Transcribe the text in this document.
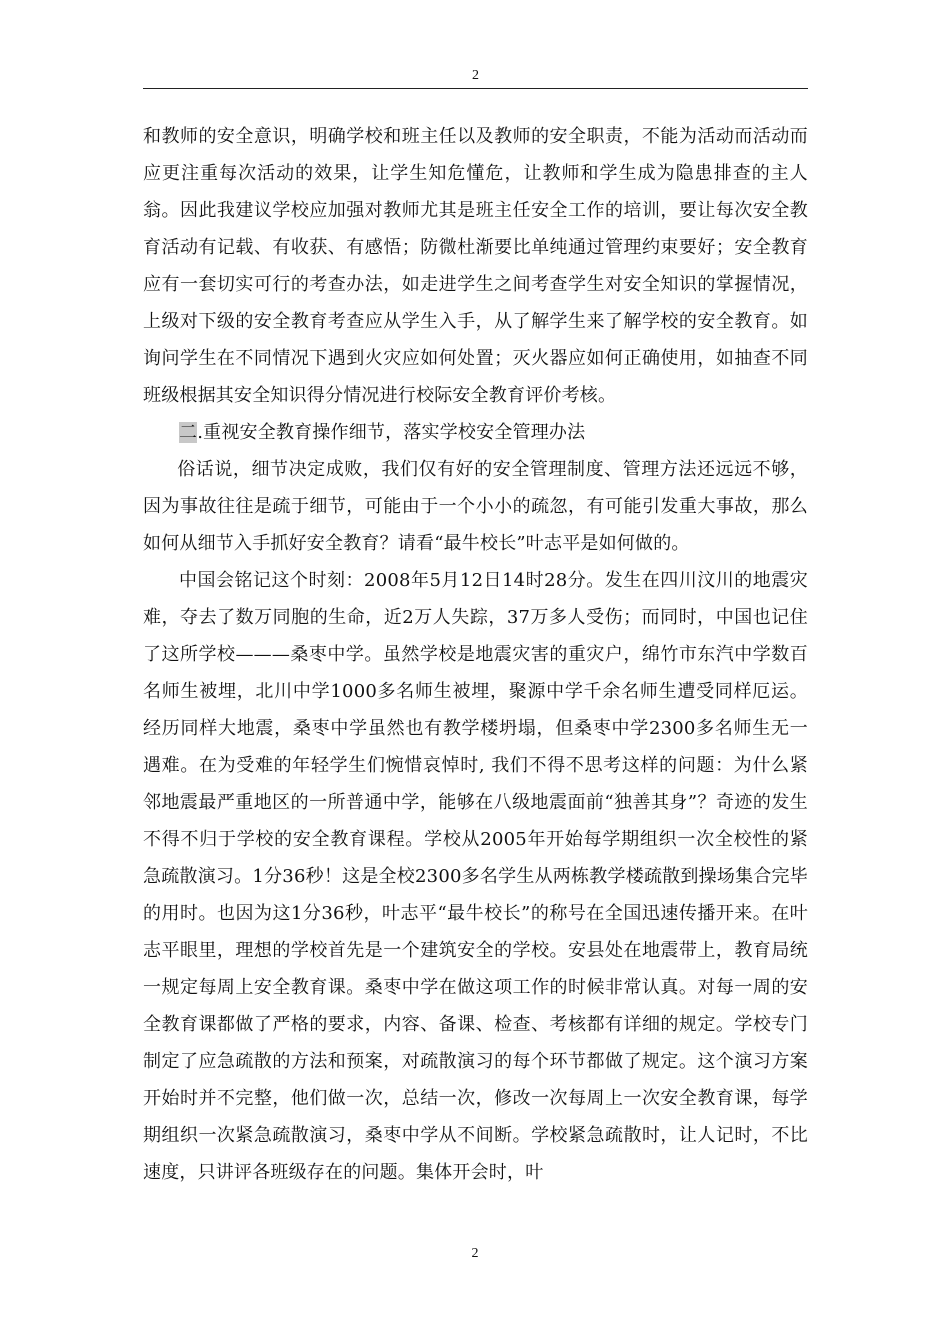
2

和教师的安全意识，明确学校和班主任以及教师的安全职责，不能为活动而活动而应更注重每次活动的效果，让学生知危懂危，让教师和学生成为隐患排查的主人翁。因此我建议学校应加强对教师尤其是班主任安全工作的培训，要让每次安全教育活动有记载、有收获、有感悟；防微杜渐要比单纯通过管理约束要好；安全教育应有一套切实可行的考查办法，如走进学生之间考查学生对安全知识的掌握情况，上级对下级的安全教育考查应从学生入手，从了解学生来了解学校的安全教育。如询问学生在不同情况下遇到火灾应如何处置；灭火器应如何正确使用，如抽查不同班级根据其安全知识得分情况进行校际安全教育评价考核。

二.重视安全教育操作细节，落实学校安全管理办法

俗话说，细节决定成败，我们仅有好的安全管理制度、管理方法还远远不够，因为事故往往是疏于细节，可能由于一个小小的疏忽，有可能引发重大事故，那么如何从细节入手抓好安全教育？请看“最牛校长”叶志平是如何做的。

中国会铭记这个时刻：2008年5月12日14时28分。发生在四川汶川的地震灾难，夺去了数万同胞的生命，近2万人失踪，37万多人受伤；而同时，中国也记住了这所学校———桑枣中学。虽然学校是地震灾害的重灾户，绵竹市东汽中学数百名师生被埋，北川中学1000多名师生被埋，聚源中学千余名师生遭受同样厄运。经历同样大地震，桑枣中学虽然也有教学楼坍塌，但桑枣中学2300多名师生无一遇难。在为受难的年轻学生们惋惜哀悼时, 我们不得不思考这样的问题：为什么紧邻地震最严重地区的一所普通中学，能够在八级地震面前“独善其身”？奇迹的发生不得不归于学校的安全教育课程。学校从2005年开始每学期组织一次全校性的紧急疏散演习。1分36秒！这是全校2300多名学生从两栋教学楼疏散到操场集合完毕的用时。也因为这1分36秒，叶志平“最牛校长”的称号在全国迅速传播开来。在叶志平眼里，理想的学校首先是一个建筑安全的学校。安县处在地震带上，教育局统一规定每周上安全教育课。桑枣中学在做这项工作的时候非常认真。对每一周的安全教育课都做了严格的要求，内容、备课、检查、考核都有详细的规定。学校专门制定了应急疏散的方法和预案，对疏散演习的每个环节都做了规定。这个演习方案开始时并不完整，他们做一次，总结一次，修改一次每周上一次安全教育课，每学期组织一次紧急疏散演习，桑枣中学从不间断。学校紧急疏散时，让人记时，不比速度，只讲评各班级存在的问题。集体开会时，叶

2
